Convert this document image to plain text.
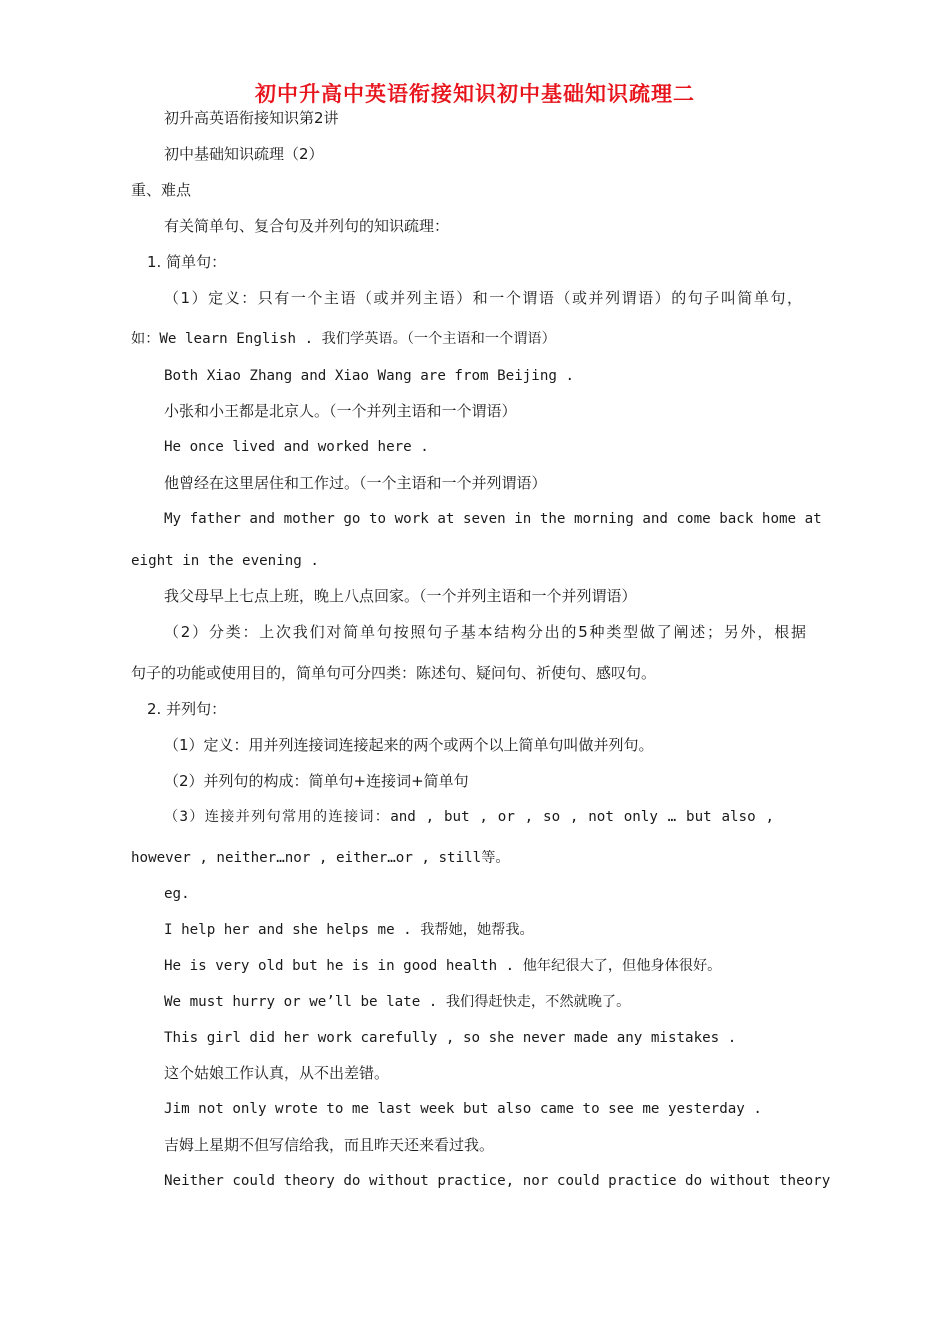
初中升高中英语衔接知识初中基础知识疏理二
初升高英语衔接知识第2讲
初中基础知识疏理（2）
重、难点
有关简单句、复合句及并列句的知识疏理：
1. 简单句：
（1）定义：只有一个主语（或并列主语）和一个谓语（或并列谓语）的句子叫简单句，
如：We learn English . 我们学英语。（一个主语和一个谓语）
Both Xiao Zhang and Xiao Wang are from Beijing .
小张和小王都是北京人。（一个并列主语和一个谓语）
He once lived and worked here .
他曾经在这里居住和工作过。（一个主语和一个并列谓语）
My father and mother go to work at seven in the morning and come back home at
eight in the evening .
我父母早上七点上班，晚上八点回家。（一个并列主语和一个并列谓语）
（2）分类：上次我们对简单句按照句子基本结构分出的5种类型做了阐述；另外，根据
句子的功能或使用目的，简单句可分四类：陈述句、疑问句、祈使句、感叹句。
2. 并列句：
（1）定义：用并列连接词连接起来的两个或两个以上简单句叫做并列句。
（2）并列句的构成：简单句+连接词+简单句
（3）连接并列句常用的连接词：and , but , or , so , not only … but also ,
however , neither…nor , either…or , still等。
eg.
I help her and she helps me . 我帮她，她帮我。
He is very old but he is in good health . 他年纪很大了，但他身体很好。
We must hurry or we’ll be late . 我们得赶快走，不然就晚了。
This girl did her work carefully , so she never made any mistakes .
这个姑娘工作认真，从不出差错。
Jim not only wrote to me last week but also came to see me yesterday .
吉姆上星期不但写信给我，而且昨天还来看过我。
Neither could theory do without practice, nor could practice do without theory
